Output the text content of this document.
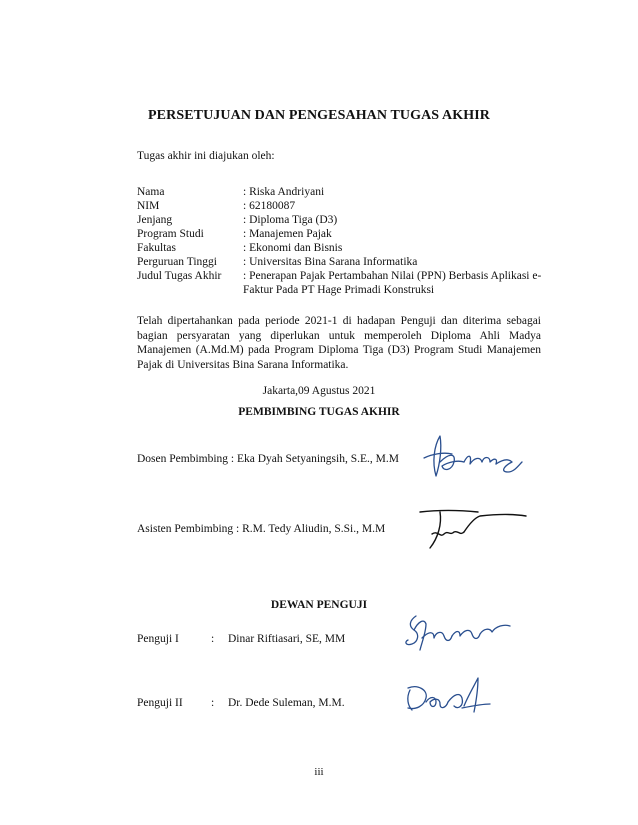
PERSETUJUAN DAN PENGESAHAN TUGAS AKHIR
Tugas akhir ini diajukan oleh:
Nama	: Riska Andriyani
NIM	: 62180087
Jenjang	: Diploma Tiga (D3)
Program Studi	: Manajemen Pajak
Fakultas	: Ekonomi dan Bisnis
Perguruan Tinggi	: Universitas Bina Sarana Informatika
Judul Tugas Akhir	: Penerapan Pajak Pertambahan Nilai (PPN) Berbasis Aplikasi e-Faktur Pada PT Hage Primadi Konstruksi
Telah dipertahankan pada periode 2021-1 di hadapan Penguji dan diterima sebagai bagian persyaratan yang diperlukan untuk memperoleh Diploma Ahli Madya Manajemen (A.Md.M) pada Program Diploma Tiga (D3) Program Studi Manajemen Pajak di Universitas Bina Sarana Informatika.
Jakarta,09 Agustus 2021
PEMBIMBING TUGAS AKHIR
Dosen Pembimbing : Eka Dyah Setyaningsih, S.E., M.M
Asisten Pembimbing : R.M. Tedy Aliudin, S.Si., M.M
DEWAN PENGUJI
Penguji I	: Dinar Riftiasari, SE, MM
Penguji II : Dr. Dede Suleman, M.M.
iii
